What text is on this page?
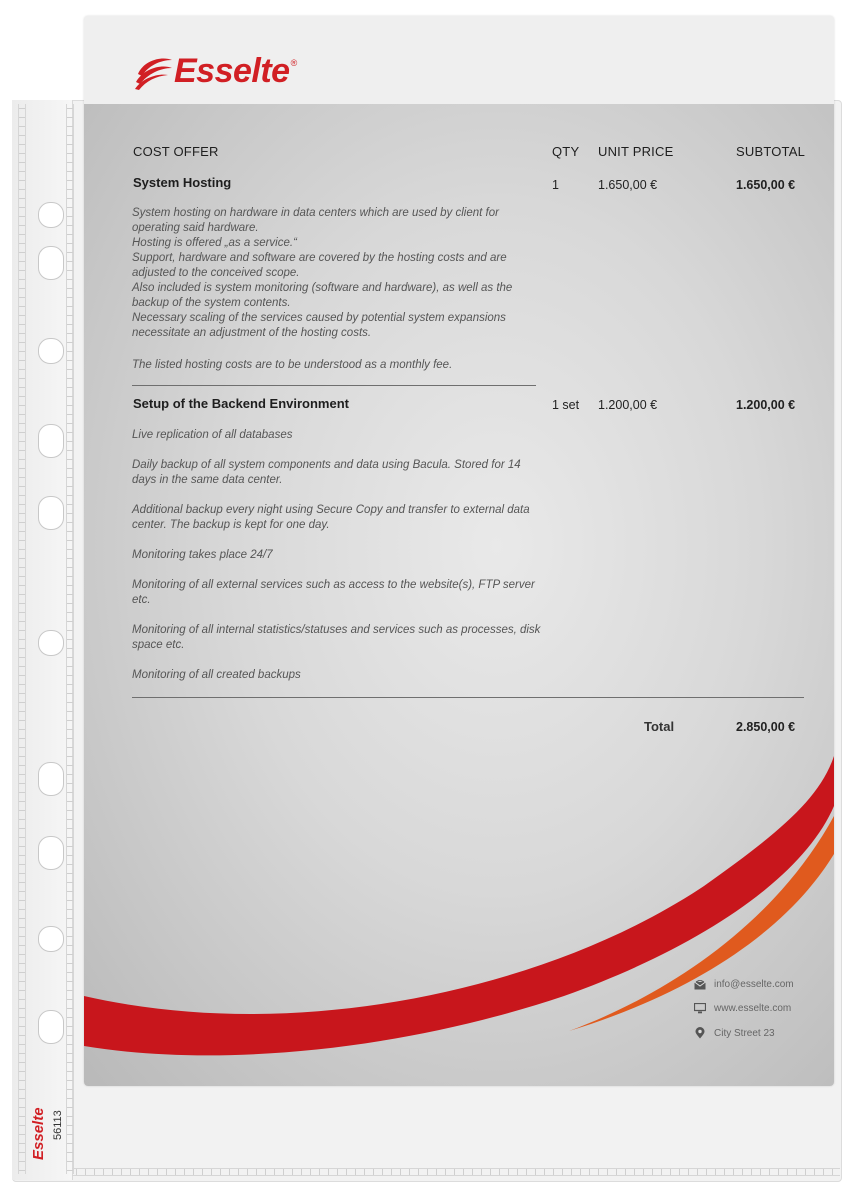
Esselte 56113
Esselte ®
COST OFFER	QTY UNIT PRICE	SUBTOTAL
System Hosting	1	1.650,00 €	1.650,00 €

System hosting on hardware in data centers which are used by client for operating said hardware.

Hosting is offered „as a service.“

Support, hardware and software are covered by the hosting costs and are adjusted to the conceived scope.

Also included is system monitoring (software and hardware), as well as the backup of the system contents.

Necessary scaling of the services caused by potential system expansions necessitate an adjustment of the hosting costs.

The listed hosting costs are to be understood as a monthly fee.

Setup of the Backend Environment	1 set 1.200,00 €	1.200,00 €

Live replication of all databases

Daily backup of all system components and data using Bacula. Stored for 14 days in the same data center.

Additional backup every night using Secure Copy and transfer to external data center. The backup is kept for one day.

Monitoring takes place 24/7

Monitoring of all external services such as access to the website(s), FTP server etc.

Monitoring of all internal statistics/statuses and services such as processes, disk space etc.

Monitoring of all created backups

Total	2.850,00 €
info@esselte.com
www.esselte.com
City Street 23
